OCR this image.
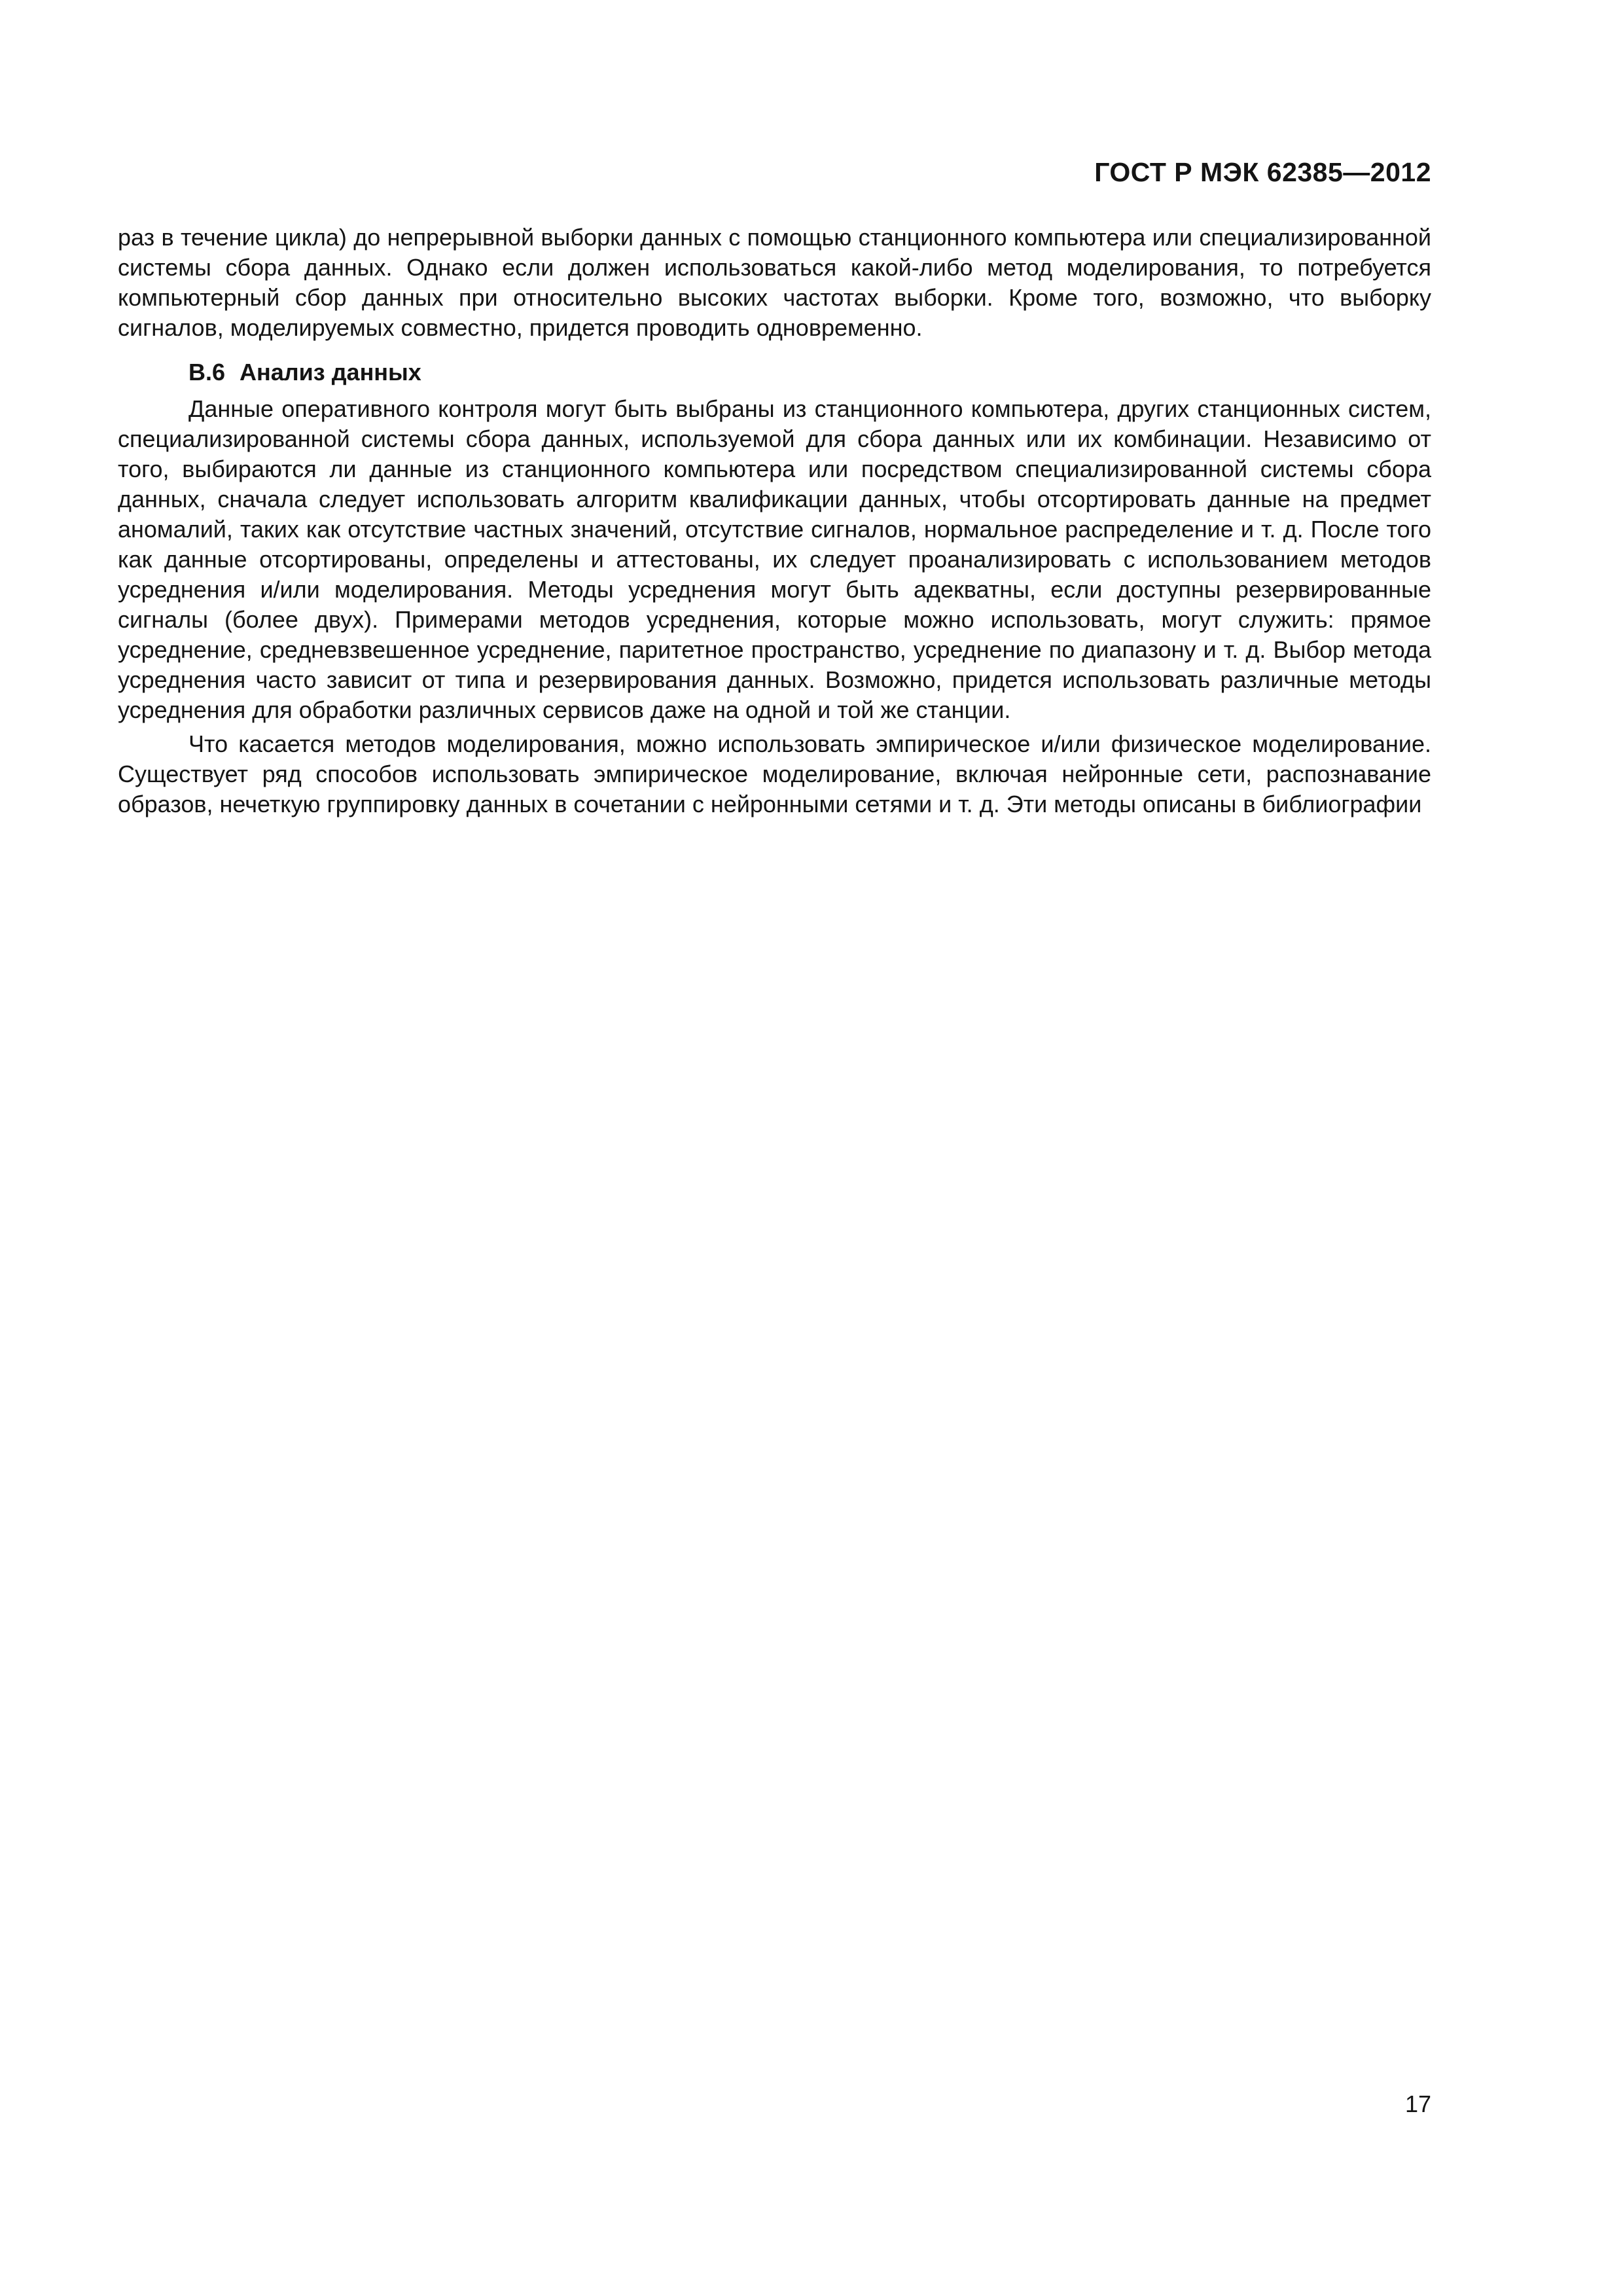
ГОСТ Р МЭК 62385—2012

раз в течение цикла) до непрерывной выборки данных с помощью станционного компьютера или специализированной системы сбора данных. Однако если должен использоваться какой-либо метод моделирования, то потребуется компьютерный сбор данных при относительно высоких частотах выборки. Кроме того, возможно, что выборку сигналов, моделируемых совместно, придется проводить одновременно.

В.6 Анализ данных

Данные оперативного контроля могут быть выбраны из станционного компьютера, других станционных систем, специализированной системы сбора данных, используемой для сбора данных или их комбинации. Независимо от того, выбираются ли данные из станционного компьютера или посредством специализированной системы сбора данных, сначала следует использовать алгоритм квалификации данных, чтобы отсортировать данные на предмет аномалий, таких как отсутствие частных значений, отсутствие сигналов, нормальное распределение и т. д. После того как данные отсортированы, определены и аттестованы, их следует проанализировать с использованием методов усреднения и/или моделирования. Методы усреднения могут быть адекватны, если доступны резервированные сигналы (более двух). Примерами методов усреднения, которые можно использовать, могут служить: прямое усреднение, средневзвешенное усреднение, паритетное пространство, усреднение по диапазону и т. д. Выбор метода усреднения часто зависит от типа и резервирования данных. Возможно, придется использовать различные методы усреднения для обработки различных сервисов даже на одной и той же станции.

Что касается методов моделирования, можно использовать эмпирическое и/или физическое моделирование. Существует ряд способов использовать эмпирическое моделирование, включая нейронные сети, распознавание образов, нечеткую группировку данных в сочетании с нейронными сетями и т. д. Эти методы описаны в библиографии

17
